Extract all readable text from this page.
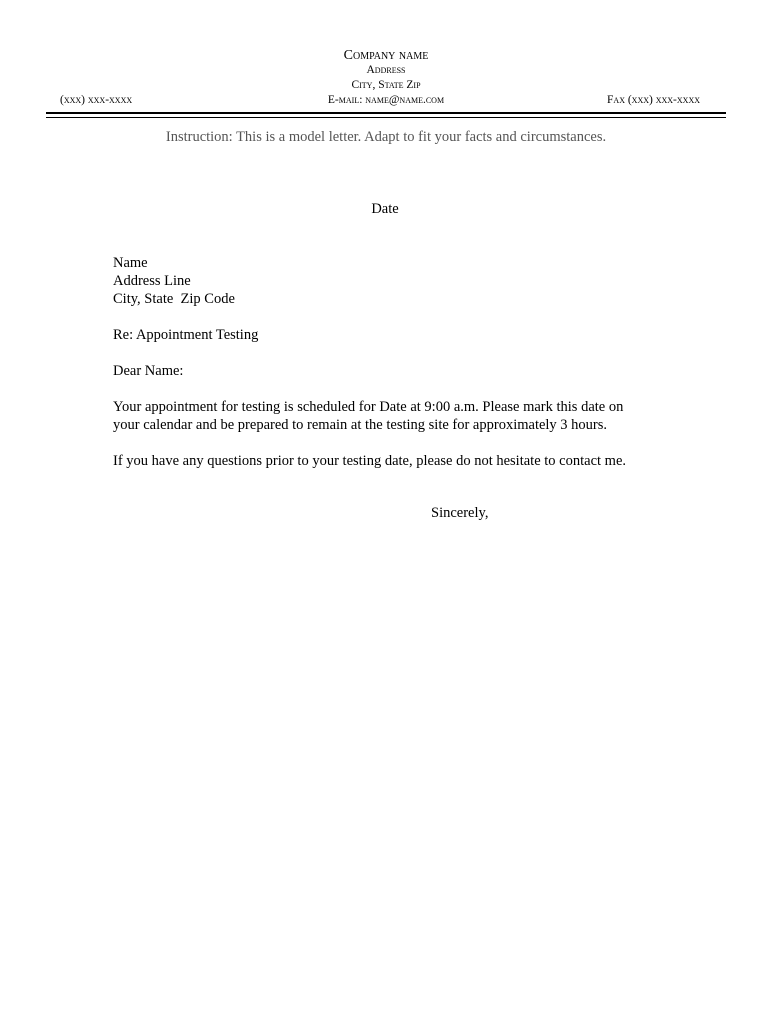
Company name
Address
City, State Zip
E-mail: name@name.com
(xxx) xxx-xxxx	Fax (xxx) xxx-xxxx
Instruction: This is a model letter. Adapt to fit your facts and circumstances.
Date
Name
Address Line
City, State  Zip Code
Re: Appointment Testing
Dear Name:
Your appointment for testing is scheduled for Date at 9:00 a.m. Please mark this date on your calendar and be prepared to remain at the testing site for approximately 3 hours.
If you have any questions prior to your testing date, please do not hesitate to contact me.
Sincerely,
